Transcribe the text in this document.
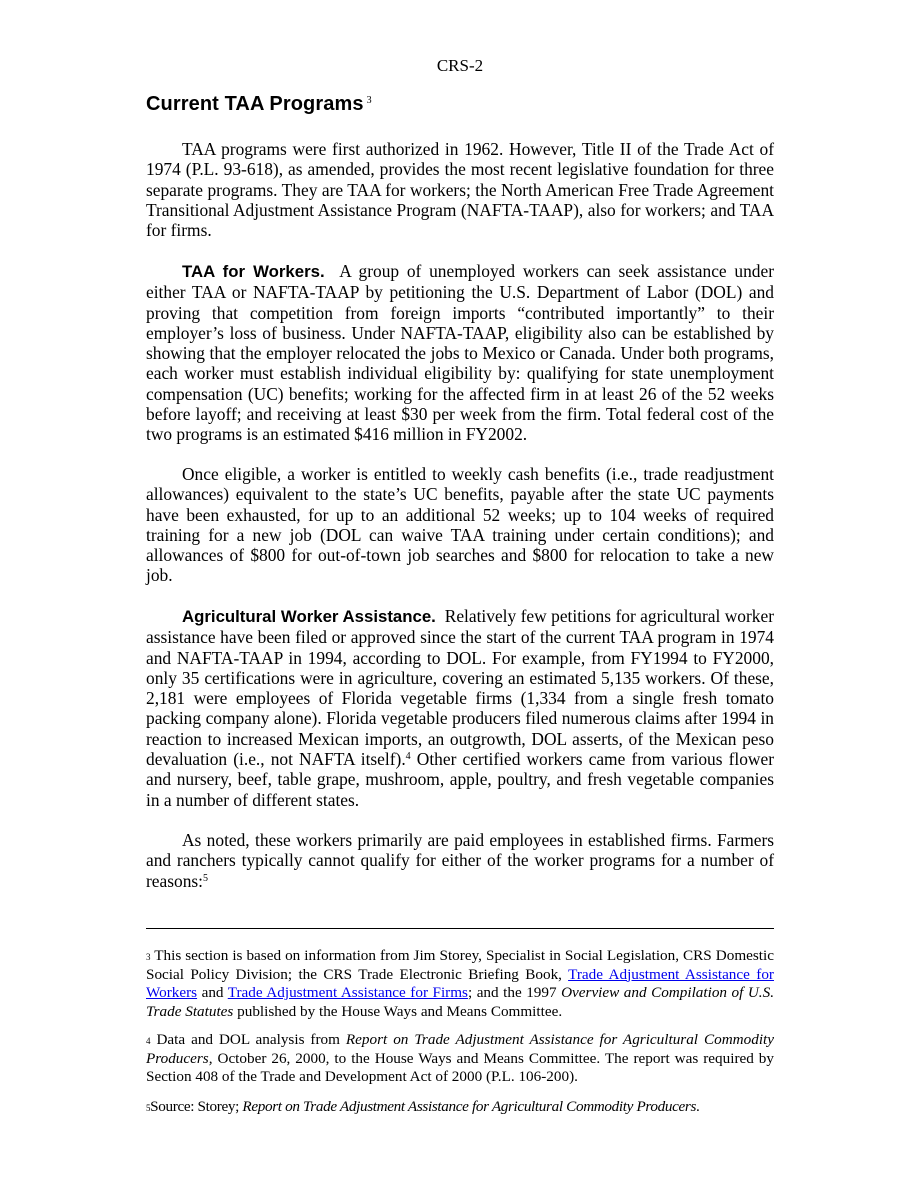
CRS-2
Current TAA Programs $^3$

TAA programs were first authorized in 1962. However, Title II of the Trade Act of 1974 (P.L. 93-618), as amended, provides the most recent legislative foundation for three separate programs. They are TAA for workers; the North American Free Trade Agreement Transitional Adjustment Assistance Program (NAFTA-TAAP), also for workers; and TAA for firms.

TAA for Workers. A group of unemployed workers can seek assistance under either TAA or NAFTA-TAAP by petitioning the U.S. Department of Labor (DOL) and proving that competition from foreign imports “contributed importantly” to their employer’s loss of business. Under NAFTA-TAAP, eligibility also can be established by showing that the employer relocated the jobs to Mexico or Canada. Under both programs, each worker must establish individual eligibility by: qualifying for state unemployment compensation (UC) benefits; working for the affected firm in at least 26 of the 52 weeks before layoff; and receiving at least $30 per week from the firm. Total federal cost of the two programs is an estimated $416 million in FY2002.

Once eligible, a worker is entitled to weekly cash benefits (i.e., trade readjustment allowances) equivalent to the state’s UC benefits, payable after the state UC payments have been exhausted, for up to an additional 52 weeks; up to 104 weeks of required training for a new job (DOL can waive TAA training under certain conditions); and allowances of $800 for out-of-town job searches and $800 for relocation to take a new job.

Agricultural Worker Assistance. Relatively few petitions for agricultural worker assistance have been filed or approved since the start of the current TAA program in 1974 and NAFTA-TAAP in 1994, according to DOL. For example, from FY1994 to FY2000, only 35 certifications were in agriculture, covering an estimated 5,135 workers. Of these, 2,181 were employees of Florida vegetable firms (1,334 from a single fresh tomato packing company alone). Florida vegetable producers filed numerous claims after 1994 in reaction to increased Mexican imports, an outgrowth, DOL asserts, of the Mexican peso devaluation (i.e., not NAFTA itself).$^4$ Other certified workers came from various flower and nursery, beef, table grape, mushroom, apple, poultry, and fresh vegetable companies in a number of different states.

As noted, these workers primarily are paid employees in established firms. Farmers and ranchers typically cannot qualify for either of the worker programs for a number of reasons:$^5$

$^3$ This section is based on information from Jim Storey, Specialist in Social Legislation, CRS Domestic Social Policy Division; the CRS Trade Electronic Briefing Book, Trade Adjustment Assistance for Workers and Trade Adjustment Assistance for Firms; and the 1997 Overview and Compilation of U.S. Trade Statutes published by the House Ways and Means Committee.

$^4$ Data and DOL analysis from Report on Trade Adjustment Assistance for Agricultural Commodity Producers, October 26, 2000, to the House Ways and Means Committee. The report was required by Section 408 of the Trade and Development Act of 2000 (P.L. 106-200).

$^5$Source: Storey; Report on Trade Adjustment Assistance for Agricultural Commodity Producers.
